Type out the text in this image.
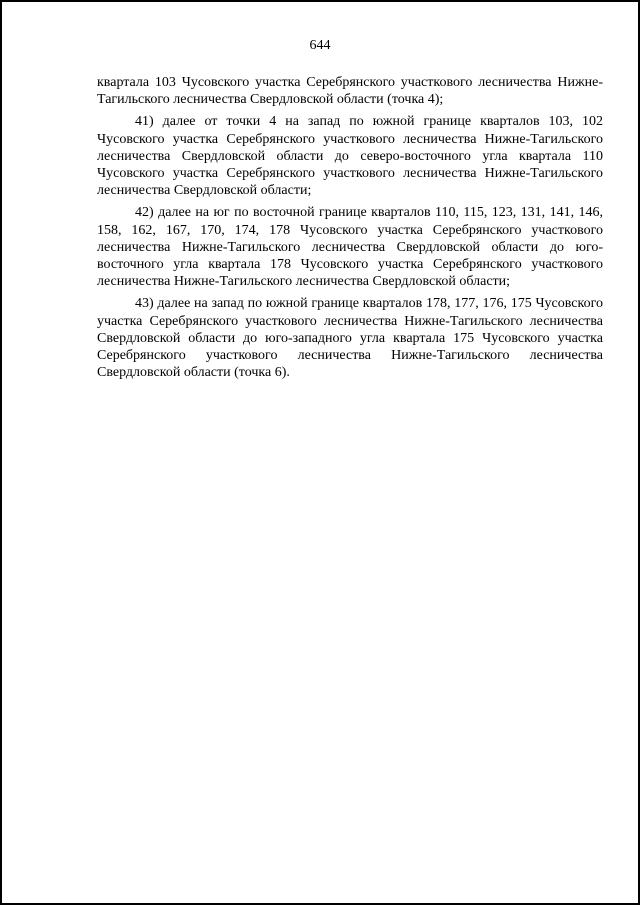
644

квартала 103 Чусовского участка Серебрянского участкового лесничества Нижне-Тагильского лесничества Свердловской области (точка 4);

41) далее от точки 4 на запад по южной границе кварталов 103, 102 Чусовского участка Серебрянского участкового лесничества Нижне-Тагильского лесничества Свердловской области до северо-восточного угла квартала 110 Чусовского участка Серебрянского участкового лесничества Нижне-Тагильского лесничества Свердловской области;

42) далее на юг по восточной границе кварталов 110, 115, 123, 131, 141, 146, 158, 162, 167, 170, 174, 178 Чусовского участка Серебрянского участкового лесничества Нижне-Тагильского лесничества Свердловской области до юго-восточного угла квартала 178 Чусовского участка Серебрянского участкового лесничества Нижне-Тагильского лесничества Свердловской области;

43) далее на запад по южной границе кварталов 178, 177, 176, 175 Чусовского участка Серебрянского участкового лесничества Нижне-Тагильского лесничества Свердловской области до юго-западного угла квартала 175 Чусовского участка Серебрянского участкового лесничества Нижне-Тагильского лесничества Свердловской области (точка 6).
